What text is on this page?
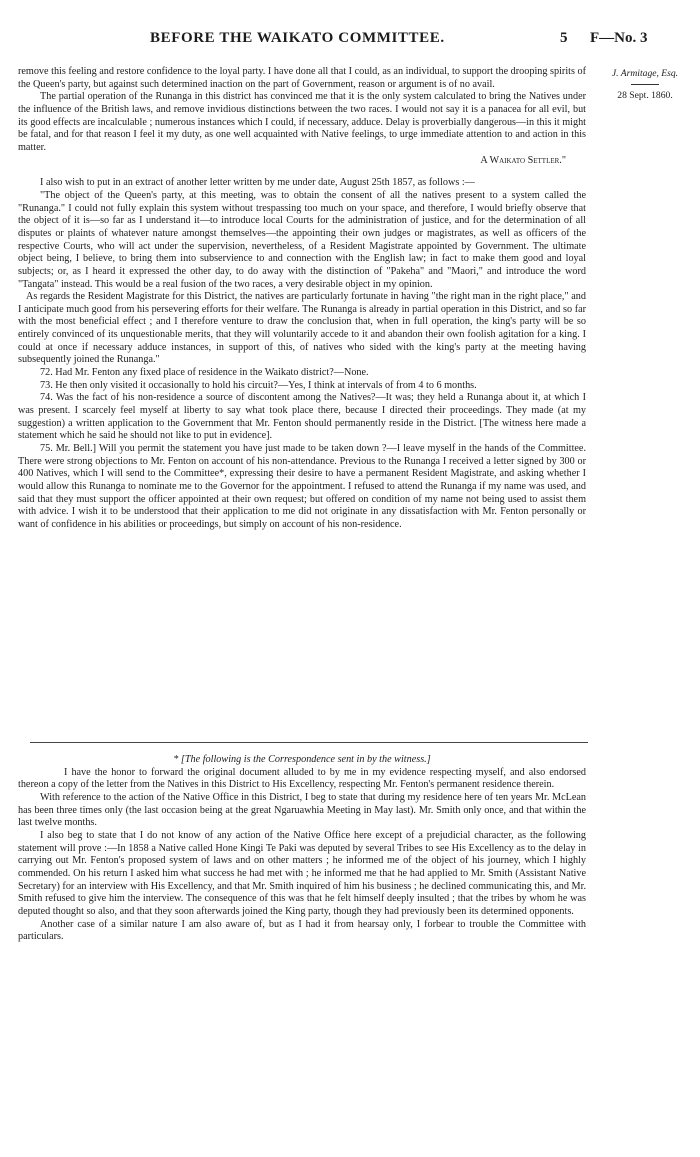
BEFORE THE WAIKATO COMMITTEE.	5 F—No. 3
J. Armitage, Esq.
28 Sept. 1860.

remove this feeling and restore confidence to the loyal party. I have done all that I could, as an individual, to support the drooping spirits of the Queen's party, but against such determined inaction on the part of Government, reason or argument is of no avail.

The partial operation of the Runanga in this district has convinced me that it is the only system calculated to bring the Natives under the influence of the British laws, and remove invidious distinctions between the two races. I would not say it is a panacea for all evil, but its good effects are incalculable ; numerous instances which I could, if necessary, adduce. Delay is proverbially dangerous—in this it might be fatal, and for that reason I feel it my duty, as one well acquainted with Native feelings, to urge immediate attention to and action in this matter.

A Waikato Settler."

I also wish to put in an extract of another letter written by me under date, August 25th 1857, as follows :—

"The object of the Queen's party, at this meeting, was to obtain the consent of all the natives present to a system called the "Runanga." I could not fully explain this system without trespassing too much on your space, and therefore, I would briefly observe that the object of it is—so far as I understand it—to introduce local Courts for the administration of justice, and for the determination of all disputes or plaints of whatever nature amongst themselves—the appointing their own judges or magistrates, as well as officers of the respective Courts, who will act under the supervision, nevertheless, of a Resident Magistrate appointed by Government. The ultimate object being, I believe, to bring them into subservience to and connection with the English law; in fact to make them good and loyal subjects; or, as I heard it expressed the other day, to do away with the distinction of "Pakeha" and "Maori," and introduce the word "Tangata" instead. This would be a real fusion of the two races, a very desirable object in my opinion.

As regards the Resident Magistrate for this District, the natives are particularly fortunate in having "the right man in the right place," and I anticipate much good from his persevering efforts for their welfare. The Runanga is already in partial operation in this District, and so far with the most beneficial effect ; and I therefore venture to draw the conclusion that, when in full operation, the king's party will be so entirely convinced of its unquestionable merits, that they will voluntarily accede to it and abandon their own foolish agitation for a king. I could at once if necessary adduce instances, in support of this, of natives who sided with the king's party at the meeting having subsequently joined the Runanga."

72. Had Mr. Fenton any fixed place of residence in the Waikato district?—None.

73. He then only visited it occasionally to hold his circuit?—Yes, I think at intervals of from 4 to 6 months.

74. Was the fact of his non-residence a source of discontent among the Natives?—It was; they held a Runanga about it, at which I was present. I scarcely feel myself at liberty to say what took place there, because I directed their proceedings. They made (at my suggestion) a written application to the Government that Mr. Fenton should permanently reside in the District. [The witness here made a statement which he said he should not like to put in evidence].

75. Mr. Bell.] Will you permit the statement you have just made to be taken down ?—I leave myself in the hands of the Committee. There were strong objections to Mr. Fenton on account of his non-attendance. Previous to the Runanga I received a letter signed by 300 or 400 Natives, which I will send to the Committee*, expressing their desire to have a permanent Resident Magistrate, and asking whether I would allow this Runanga to nominate me to the Governor for the appointment. I refused to attend the Runanga if my name was used, and said that they must support the officer appointed at their own request; but offered on condition of my name not being used to assist them with advice. I wish it to be understood that their application to me did not originate in any dissatisfaction with Mr. Fenton personally or want of confidence in his abilities or proceedings, but simply on account of his non-residence.

* [The following is the Correspondence sent in by the witness.]

I have the honor to forward the original document alluded to by me in my evidence respecting myself, and also endorsed thereon a copy of the letter from the Natives in this District to His Excellency, respecting Mr. Fenton's permanent residence therein.

With reference to the action of the Native Office in this District, I beg to state that during my residence here of ten years Mr. McLean has been three times only (the last occasion being at the great Ngaruawhia Meeting in May last). Mr. Smith only once, and that within the last twelve months.

I also beg to state that I do not know of any action of the Native Office here except of a prejudicial character, as the following statement will prove :—In 1858 a Native called Hone Kingi Te Paki was deputed by several Tribes to see His Excellency as to the delay in carrying out Mr. Fenton's proposed system of laws and on other matters ; he informed me of the object of his journey, which I highly commended. On his return I asked him what success he had met with ; he informed me that he had applied to Mr. Smith (Assistant Native Secretary) for an interview with His Excellency, and that Mr. Smith inquired of him his business ; he declined communicating this, and Mr. Smith refused to give him the interview. The consequence of this was that he felt himself deeply insulted ; that the tribes by whom he was deputed thought so also, and that they soon afterwards joined the King party, though they had previously been its determined opponents.

Another case of a similar nature I am also aware of, but as I had it from hearsay only, I forbear to trouble the Committee with particulars.
